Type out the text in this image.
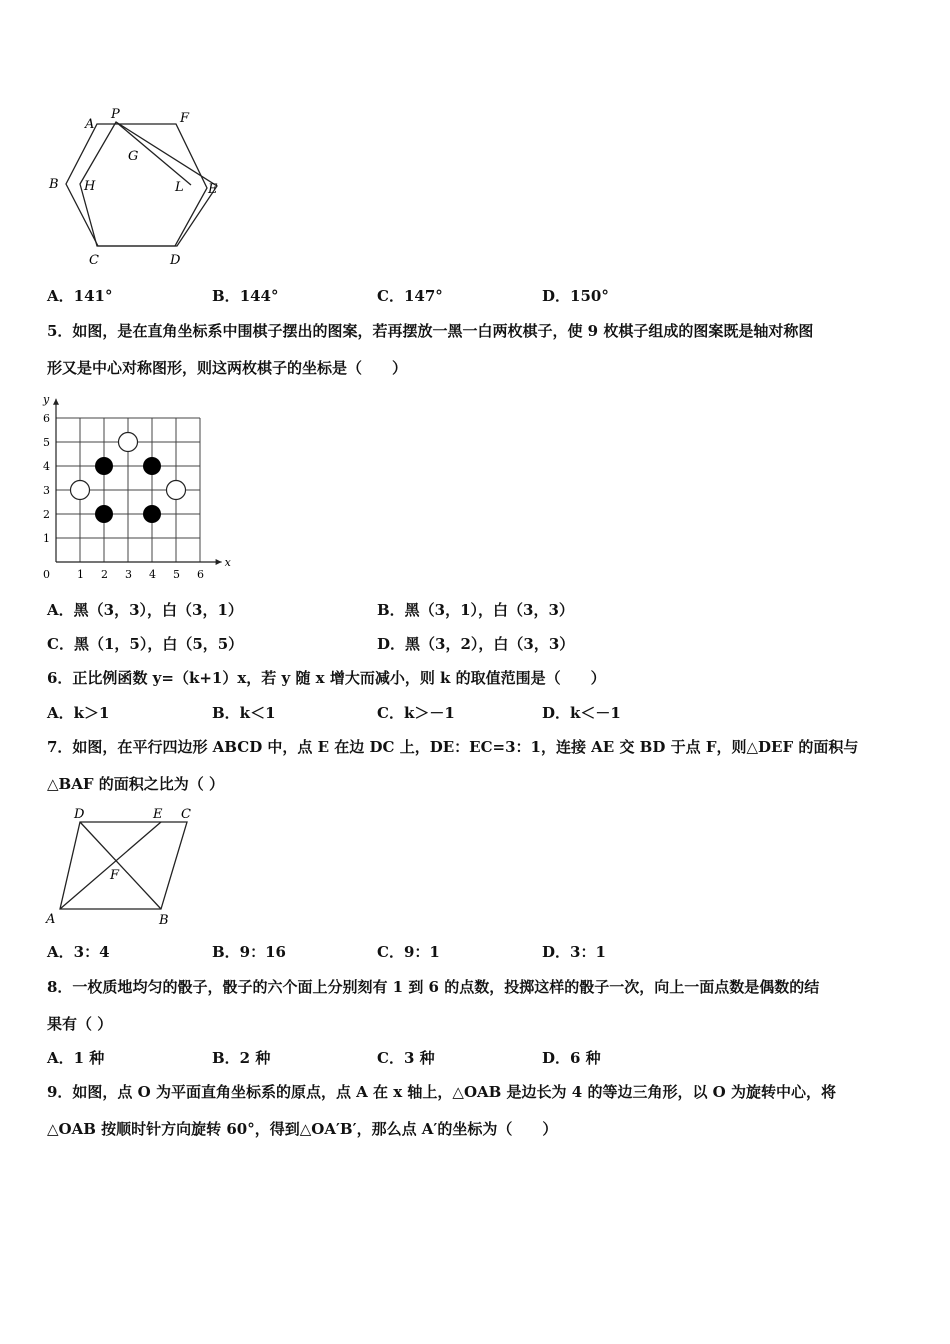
A
P	F
G
B H	L E
C	D
A．141°	B．144°	C．147°	D．150°
5．如图，是在直角坐标系中围棋子摆出的图案，若再摆放一黑一白两枚棋子，使 9 枚棋子组成的图案既是轴对称图
形又是中心对称图形，则这两枚棋子的坐标是（　　）
1 2 3 4 5 6
1
2
3
4
5
6
0
x
y
A．黑（3，3），白（3，1）	B．黑（3，1），白（3，3）
C．黑（1，5），白（5，5）	D．黑（3，2），白（3，3）
6．正比例函数 y=（k+1）x，若 y 随 x 增大而减小，则 k 的取值范围是（　　）
A．k＞1	B．k＜1	C．k＞－1	D．k＜－1
7．如图，在平行四边形 ABCD 中，点 E 在边 DC 上，DE：EC=3：1，连接 AE 交 BD 于点 F，则△DEF 的面积与
△BAF 的面积之比为（ ）
D	E C
F
A	B
A．3：4	B．9：16	C．9：1	D．3：1
8．一枚质地均匀的骰子，骰子的六个面上分别刻有 1 到 6 的点数，投掷这样的骰子一次，向上一面点数是偶数的结
果有（ ）
A．1 种	B．2 种	C．3 种	D．6 种
9．如图，点 O 为平面直角坐标系的原点，点 A 在 x 轴上，△OAB 是边长为 4 的等边三角形，以 O 为旋转中心，将
△OAB 按顺时针方向旋转 60°，得到△OA′B′，那么点 A′的坐标为（　　）
